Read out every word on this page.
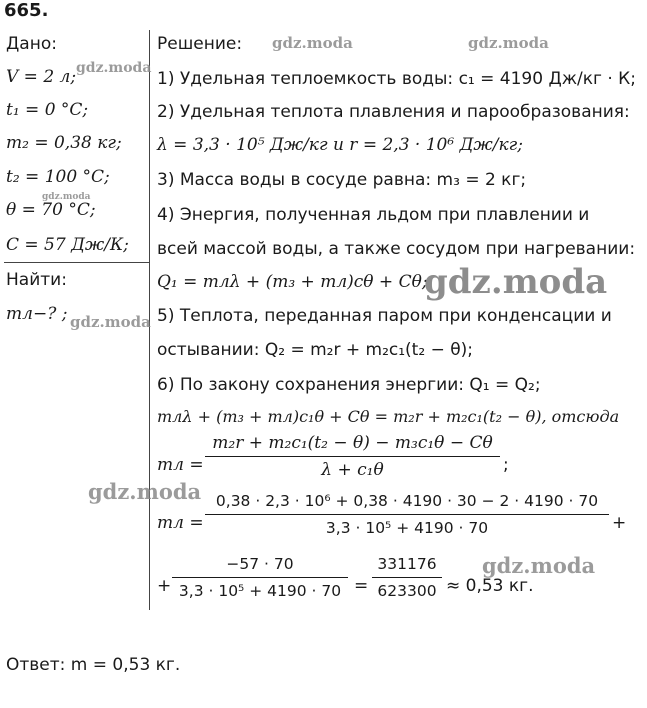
665.
Дано:
V = 2 л;
t₁ = 0 °C;
m₂ = 0,38 кг;
t₂ = 100 °C;
θ = 70 °C;
C = 57 Дж/К;
Найти:
mл−? ;
Решение:
1) Удельная теплоемкость воды: c₁ = 4190 Дж/кг · К;
2) Удельная теплота плавления и парообразования:
λ = 3,3 · 10⁵ Дж/кг и r = 2,3 · 10⁶ Дж/кг;
3) Масса воды в сосуде равна: m₃ = 2 кг;
4) Энергия, полученная льдом при плавлении и
всей массой воды, а также сосудом при нагревании:
Q₁ = mлλ + (m₃ + mл)cθ + Cθ;
5) Теплота, переданная паром при конденсации и
остывании: Q₂ = m₂r + m₂c₁(t₂ − θ);
6) По закону сохранения энергии: Q₁ = Q₂;
mлλ + (m₃ + mл)c₁θ + Cθ = m₂r + m₂c₁(t₂ − θ), отсюда
mл =
m₂r + m₂c₁(t₂ − θ) − m₃c₁θ − Cθ
λ + c₁θ	;
mл =
0,38 · 2,3 · 10⁶ + 0,38 · 4190 · 30 − 2 · 4190 · 70
3,3 · 10⁵ + 4190 · 70	+
+
−57 · 70
3,3 · 10⁵ + 4190 · 70 =
331176
623300 ≈ 0,53 кг.
Ответ: m = 0,53 кг.
gdz.moda	gdz.moda
gdz.moda
gdz.moda
gdz.moda
gdz.moda
gdz.moda
gdz.moda
